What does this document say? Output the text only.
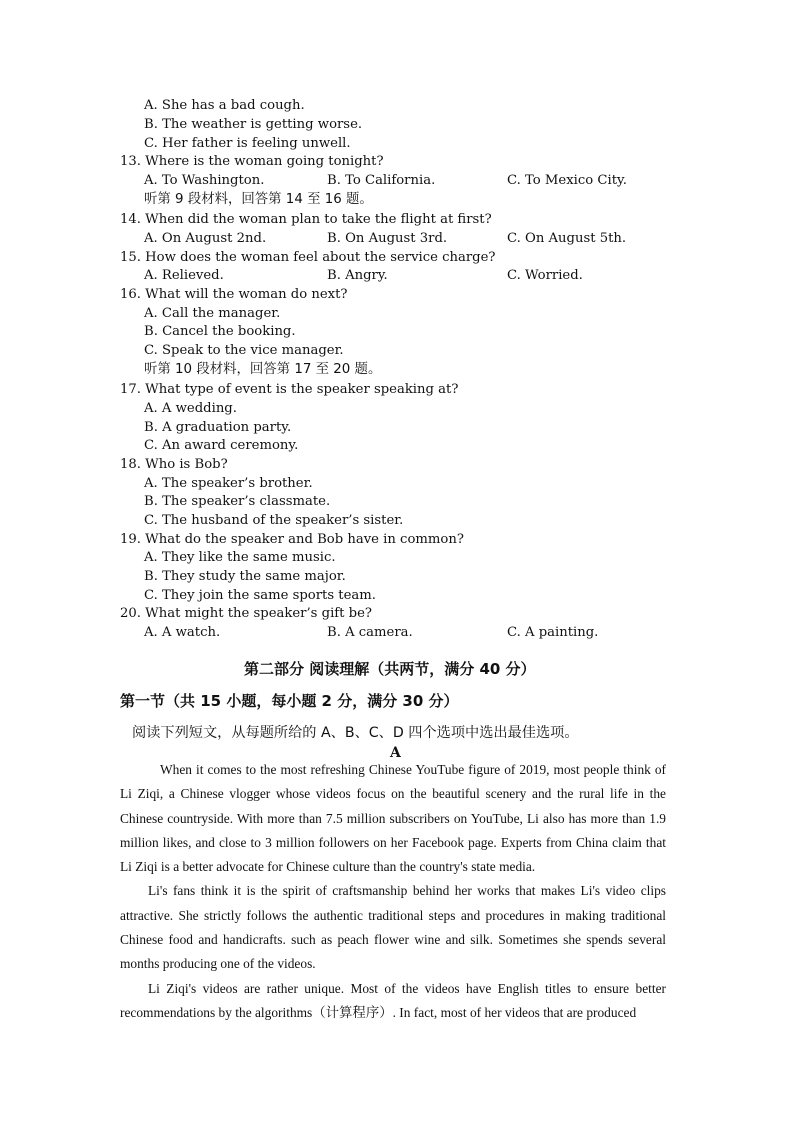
A. She has a bad cough.
B. The weather is getting worse.
C. Her father is feeling unwell.
13. Where is the woman going tonight?
A. To Washington.	B. To California.	C. To Mexico City.
听第 9 段材料，回答第 14 至 16 题。
14. When did the woman plan to take the flight at first?
A. On August 2nd.	B. On August 3rd.	C. On August 5th.
15. How does the woman feel about the service charge?
A. Relieved.	B. Angry.	C. Worried.
16. What will the woman do next?
A. Call the manager.
B. Cancel the booking.
C. Speak to the vice manager.
听第 10 段材料，回答第 17 至 20 题。
17. What type of event is the speaker speaking at?
A. A wedding.
B. A graduation party.
C. An award ceremony.
18. Who is Bob?
A. The speaker’s brother.
B. The speaker’s classmate.
C. The husband of the speaker’s sister.
19. What do the speaker and Bob have in common?
A. They like the same music.
B. They study the same major.
C. They join the same sports team.
20. What might the speaker’s gift be?
A. A watch.	B. A camera.	C. A painting.
第二部分 阅读理解（共两节，满分 40 分）
第一节（共 15 小题，每小题 2 分，满分 30 分）
阅读下列短文，从每题所给的 A、B、C、D 四个选项中选出最佳选项。
A

When it comes to the most refreshing Chinese YouTube figure of 2019, most people think of Li Ziqi, a Chinese vlogger whose videos focus on the beautiful scenery and the rural life in the Chinese countryside. With more than 7.5 million subscribers on YouTube, Li also has more than 1.9 million likes, and close to 3 million followers on her Facebook page. Experts from China claim that Li Ziqi is a better advocate for Chinese culture than the country's state media.

Li's fans think it is the spirit of craftsmanship behind her works that makes Li's video clips attractive. She strictly follows the authentic traditional steps and procedures in making traditional Chinese food and handicrafts. such as peach flower wine and silk. Sometimes she spends several months producing one of the videos.

Li Ziqi's videos are rather unique. Most of the videos have English titles to ensure better recommendations by the algorithms（计算程序）. In fact, most of her videos that are produced
